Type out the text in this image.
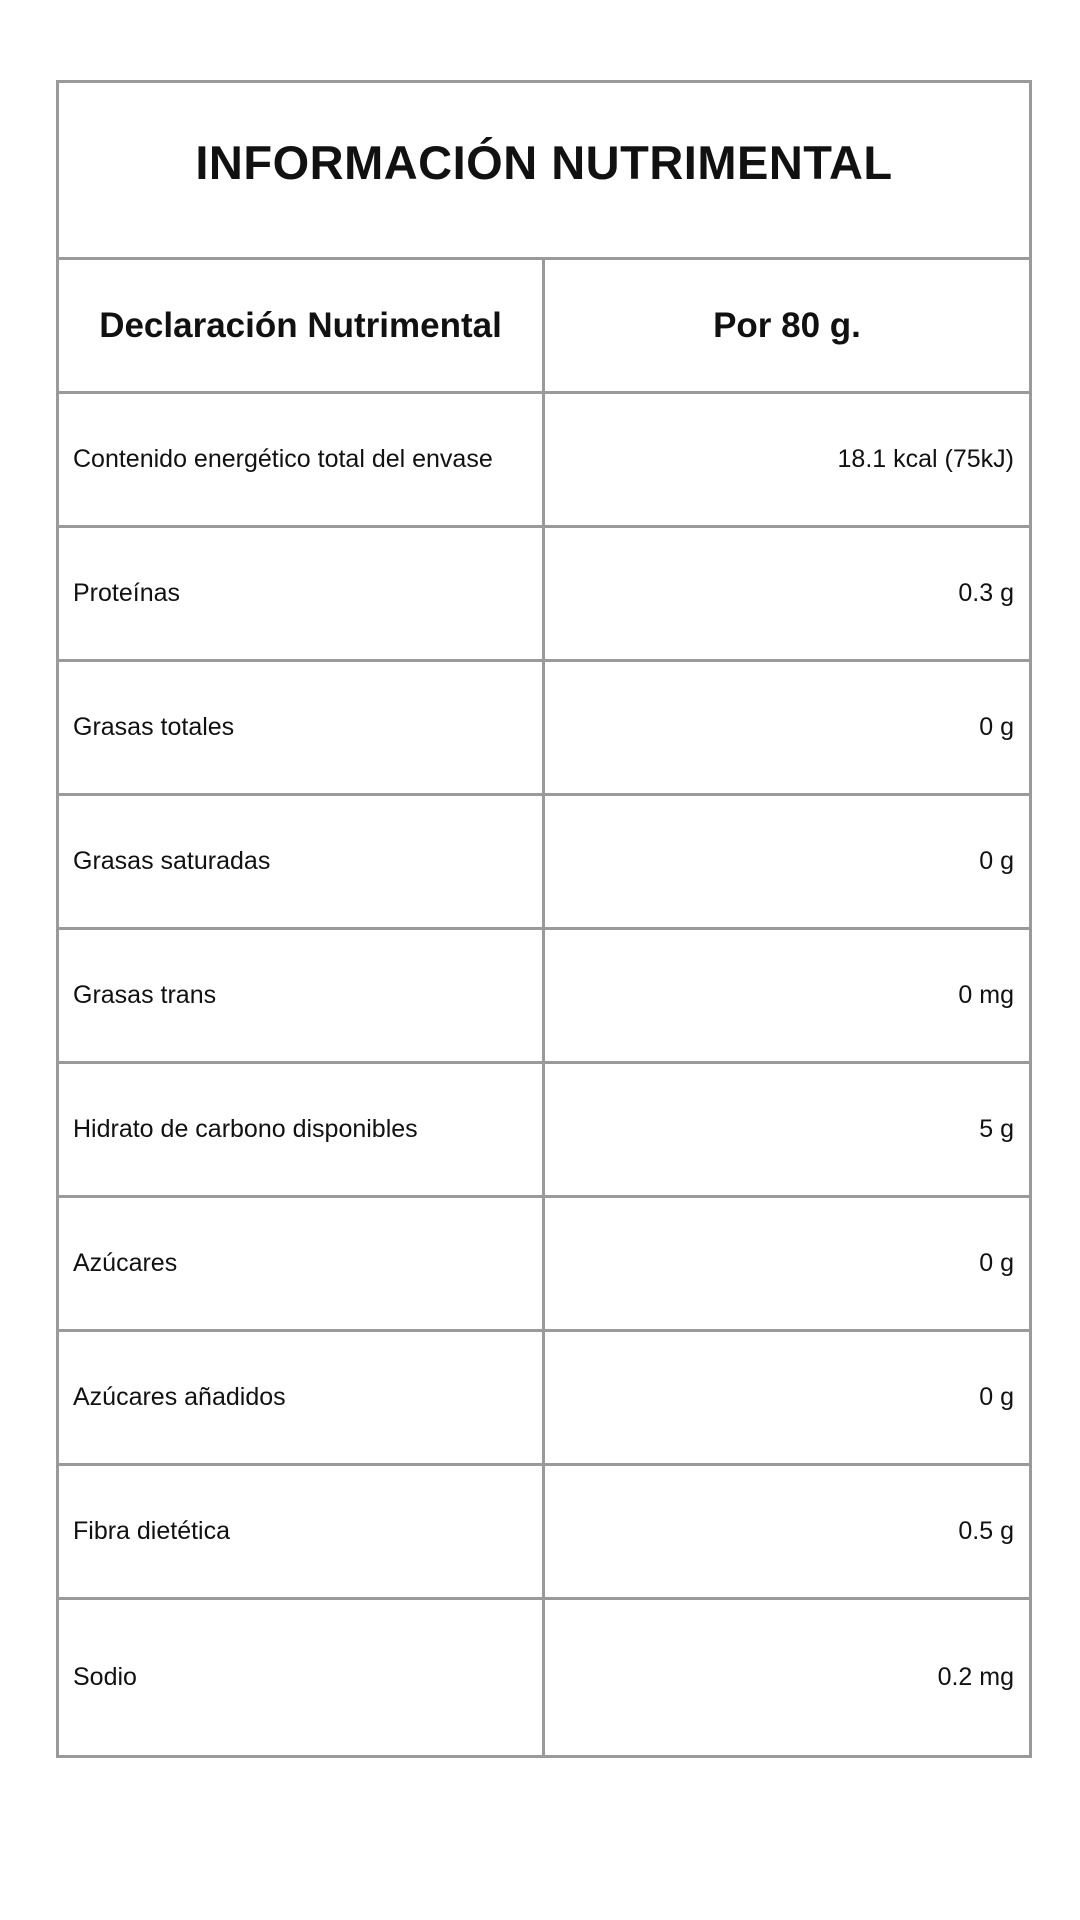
INFORMACIÓN NUTRIMENTAL
Declaración Nutrimental	Por 80 g.
Contenido energético total del envase	18.1 kcal (75kJ)
Proteínas	0.3 g
Grasas totales	0 g
Grasas saturadas	0 g
Grasas trans	0 mg
Hidrato de carbono disponibles	5 g
Azúcares	0 g
Azúcares añadidos	0 g
Fibra dietética	0.5 g
Sodio	0.2 mg
